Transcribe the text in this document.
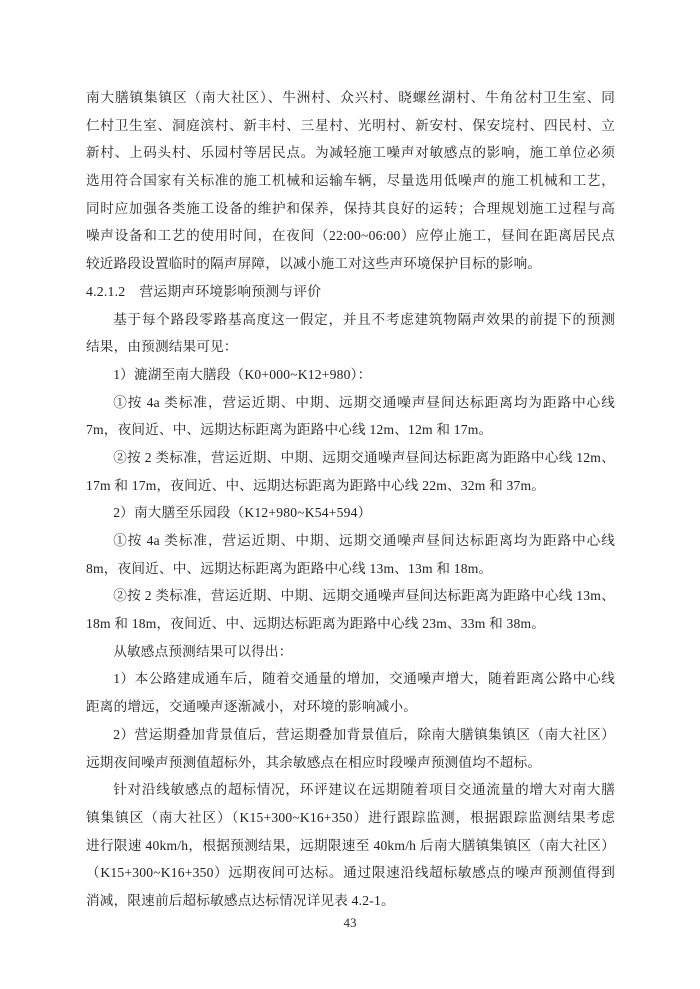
南大膳镇集镇区（南大社区）、牛洲村、众兴村、晓螺丝湖村、牛角岔村卫生室、同
仁村卫生室、洞庭滨村、新丰村、三星村、光明村、新安村、保安垸村、四民村、立
新村、上码头村、乐园村等居民点。为减轻施工噪声对敏感点的影响，施工单位必须
选用符合国家有关标准的施工机械和运输车辆，尽量选用低噪声的施工机械和工艺，
同时应加强各类施工设备的维护和保养，保持其良好的运转；合理规划施工过程与高
噪声设备和工艺的使用时间，在夜间（22:00~06:00）应停止施工，昼间在距离居民点
较近路段设置临时的隔声屏障，以减小施工对这些声环境保护目标的影响。
4.2.1.2　营运期声环境影响预测与评价
基于每个路段零路基高度这一假定，并且不考虑建筑物隔声效果的前提下的预测
结果，由预测结果可见：
1）漉湖至南大膳段（K0+000~K12+980）：
①按 4a 类标准，营运近期、中期、远期交通噪声昼间达标距离均为距路中心线
7m，夜间近、中、远期达标距离为距路中心线 12m、12m 和 17m。
②按 2 类标准，营运近期、中期、远期交通噪声昼间达标距离为距路中心线 12m、
17m 和 17m，夜间近、中、远期达标距离为距路中心线 22m、32m 和 37m。
2）南大膳至乐园段（K12+980~K54+594）
①按 4a 类标准，营运近期、中期、远期交通噪声昼间达标距离均为距路中心线
8m，夜间近、中、远期达标距离为距路中心线 13m、13m 和 18m。
②按 2 类标准，营运近期、中期、远期交通噪声昼间达标距离为距路中心线 13m、
18m 和 18m，夜间近、中、远期达标距离为距路中心线 23m、33m 和 38m。
从敏感点预测结果可以得出：
1）本公路建成通车后，随着交通量的增加，交通噪声增大，随着距离公路中心线
距离的增远，交通噪声逐渐减小，对环境的影响减小。
2）营运期叠加背景值后，营运期叠加背景值后，除南大膳镇集镇区（南大社区）
远期夜间噪声预测值超标外，其余敏感点在相应时段噪声预测值均不超标。
针对沿线敏感点的超标情况，环评建议在远期随着项目交通流量的增大对南大膳
镇集镇区（南大社区）（K15+300~K16+350）进行跟踪监测，根据跟踪监测结果考虑
进行限速 40km/h，根据预测结果，远期限速至 40km/h 后南大膳镇集镇区（南大社区）
（K15+300~K16+350）远期夜间可达标。通过限速沿线超标敏感点的噪声预测值得到
消减，限速前后超标敏感点达标情况详见表 4.2-1。
43
